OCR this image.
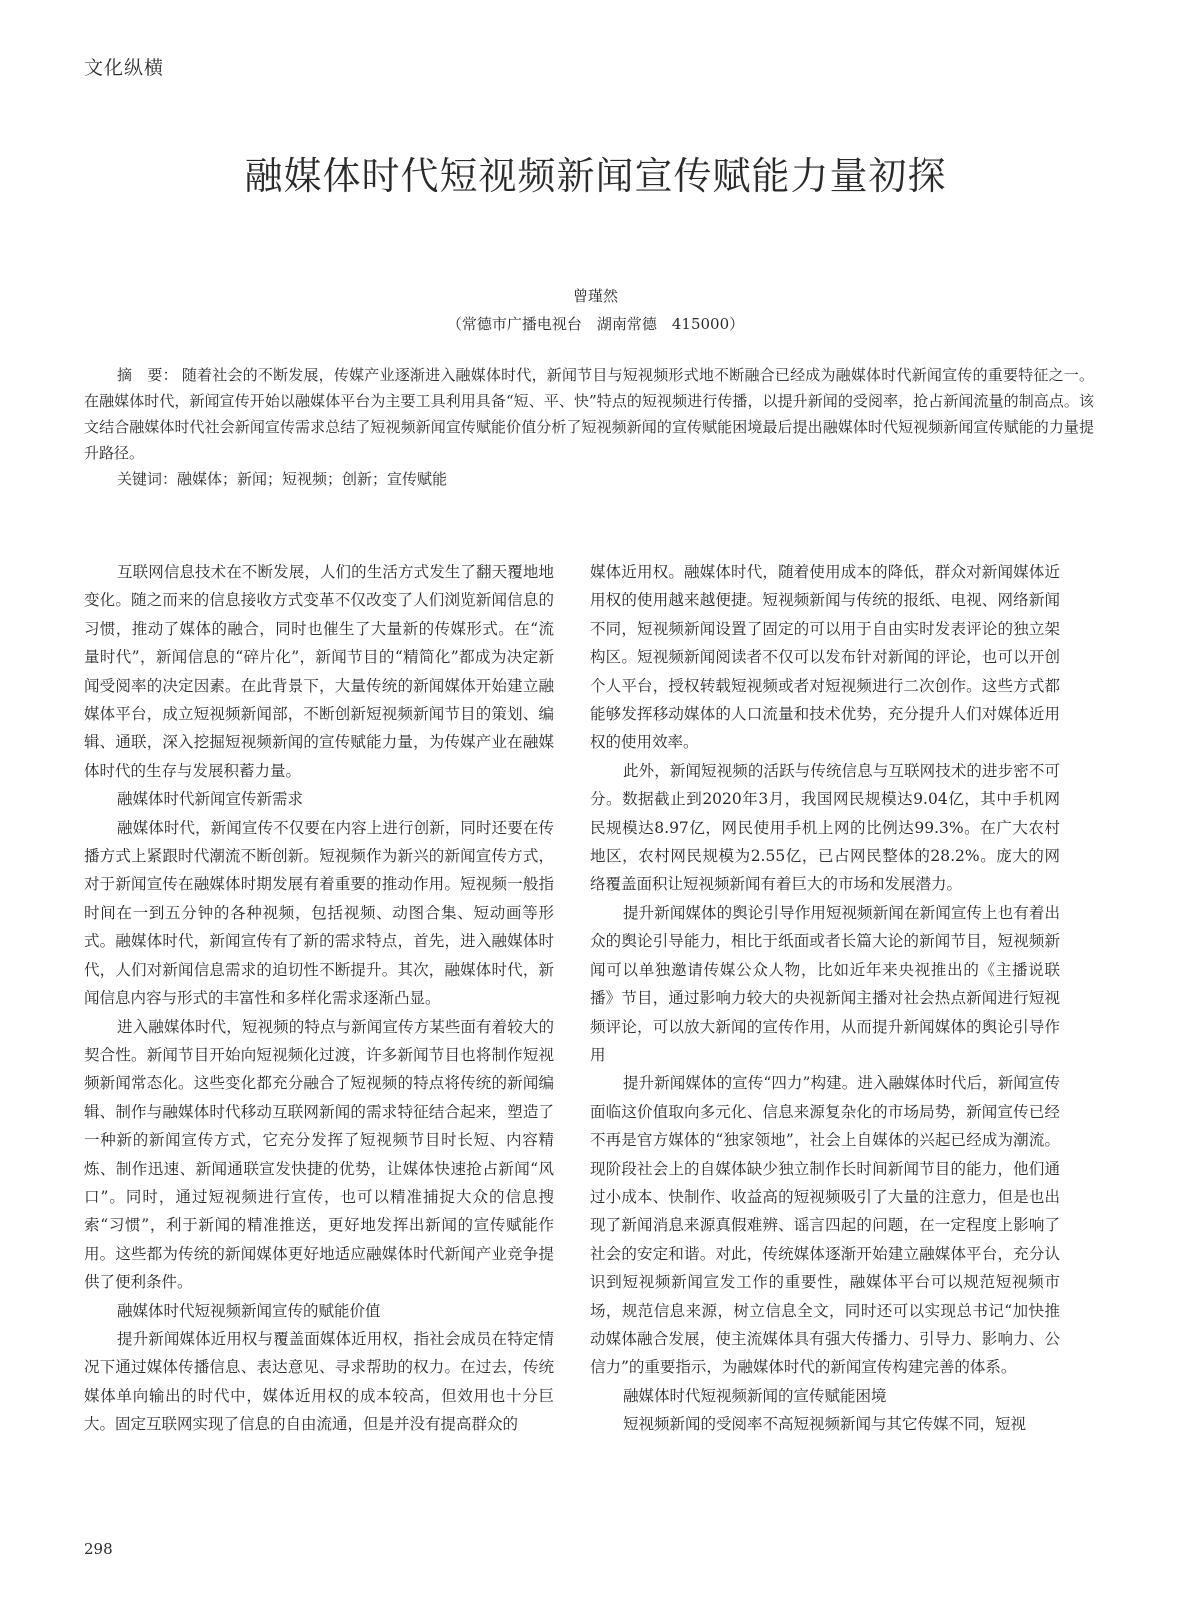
文化纵横
融媒体时代短视频新闻宣传赋能力量初探
曾瑾然
（常德市广播电视台　湖南常德　415000）

摘　要： 随着社会的不断发展，传媒产业逐渐进入融媒体时代，新闻节目与短视频形式地不断融合已经成为融媒体时代新闻宣传的重要特征之一。在融媒体时代，新闻宣传开始以融媒体平台为主要工具利用具备“短、平、快”特点的短视频进行传播，以提升新闻的受阅率，抢占新闻流量的制高点。该文结合融媒体时代社会新闻宣传需求总结了短视频新闻宣传赋能价值分析了短视频新闻的宣传赋能困境最后提出融媒体时代短视频新闻宣传赋能的力量提升路径。

关键词：融媒体；新闻；短视频；创新；宣传赋能

互联网信息技术在不断发展，人们的生活方式发生了翻天覆地地变化。随之而来的信息接收方式变革不仅改变了人们浏览新闻信息的习惯，推动了媒体的融合，同时也催生了大量新的传媒形式。在“流量时代”，新闻信息的“碎片化”，新闻节目的“精简化”都成为决定新闻受阅率的决定因素。在此背景下，大量传统的新闻媒体开始建立融媒体平台，成立短视频新闻部，不断创新短视频新闻节目的策划、编辑、通联，深入挖掘短视频新闻的宣传赋能力量，为传媒产业在融媒体时代的生存与发展积蓄力量。

融媒体时代新闻宣传新需求

融媒体时代，新闻宣传不仅要在内容上进行创新，同时还要在传播方式上紧跟时代潮流不断创新。短视频作为新兴的新闻宣传方式，对于新闻宣传在融媒体时期发展有着重要的推动作用。短视频一般指时间在一到五分钟的各种视频，包括视频、动图合集、短动画等形式。融媒体时代，新闻宣传有了新的需求特点，首先，进入融媒体时代，人们对新闻信息需求的迫切性不断提升。其次，融媒体时代，新闻信息内容与形式的丰富性和多样化需求逐渐凸显。

进入融媒体时代，短视频的特点与新闻宣传方某些面有着较大的契合性。新闻节目开始向短视频化过渡，许多新闻节目也将制作短视频新闻常态化。这些变化都充分融合了短视频的特点将传统的新闻编辑、制作与融媒体时代移动互联网新闻的需求特征结合起来，塑造了一种新的新闻宣传方式，它充分发挥了短视频节目时长短、内容精炼、制作迅速、新闻通联宣发快捷的优势，让媒体快速抢占新闻“风口”。同时，通过短视频进行宣传，也可以精准捕捉大众的信息搜索“习惯”，利于新闻的精准推送，更好地发挥出新闻的宣传赋能作用。这些都为传统的新闻媒体更好地适应融媒体时代新闻产业竞争提供了便利条件。

融媒体时代短视频新闻宣传的赋能价值

提升新闻媒体近用权与覆盖面媒体近用权，指社会成员在特定情况下通过媒体传播信息、表达意见、寻求帮助的权力。在过去，传统媒体单向输出的时代中，媒体近用权的成本较高，但效用也十分巨大。固定互联网实现了信息的自由流通，但是并没有提高群众的

媒体近用权。融媒体时代，随着使用成本的降低，群众对新闻媒体近用权的使用越来越便捷。短视频新闻与传统的报纸、电视、网络新闻不同，短视频新闻设置了固定的可以用于自由实时发表评论的独立架构区。短视频新闻阅读者不仅可以发布针对新闻的评论，也可以开创个人平台，授权转载短视频或者对短视频进行二次创作。这些方式都能够发挥移动媒体的人口流量和技术优势，充分提升人们对媒体近用权的使用效率。

此外，新闻短视频的活跃与传统信息与互联网技术的进步密不可分。数据截止到2020年3月，我国网民规模达9.04亿，其中手机网民规模达8.97亿，网民使用手机上网的比例达99.3%。在广大农村地区，农村网民规模为2.55亿，已占网民整体的28.2%。庞大的网络覆盖面积让短视频新闻有着巨大的市场和发展潜力。

提升新闻媒体的舆论引导作用短视频新闻在新闻宣传上也有着出众的舆论引导能力，相比于纸面或者长篇大论的新闻节目，短视频新闻可以单独邀请传媒公众人物，比如近年来央视推出的《主播说联播》节目，通过影响力较大的央视新闻主播对社会热点新闻进行短视频评论，可以放大新闻的宣传作用，从而提升新闻媒体的舆论引导作用

提升新闻媒体的宣传“四力”构建。进入融媒体时代后，新闻宣传面临这价值取向多元化、信息来源复杂化的市场局势，新闻宣传已经不再是官方媒体的“独家领地”，社会上自媒体的兴起已经成为潮流。现阶段社会上的自媒体缺少独立制作长时间新闻节目的能力，他们通过小成本、快制作、收益高的短视频吸引了大量的注意力，但是也出现了新闻消息来源真假难辨、谣言四起的问题，在一定程度上影响了社会的安定和谐。对此，传统媒体逐渐开始建立融媒体平台，充分认识到短视频新闻宣发工作的重要性，融媒体平台可以规范短视频市场，规范信息来源，树立信息全文，同时还可以实现总书记“加快推动媒体融合发展，使主流媒体具有强大传播力、引导力、影响力、公信力”的重要指示，为融媒体时代的新闻宣传构建完善的体系。

融媒体时代短视频新闻的宣传赋能困境

短视频新闻的受阅率不高短视频新闻与其它传媒不同，短视

298
